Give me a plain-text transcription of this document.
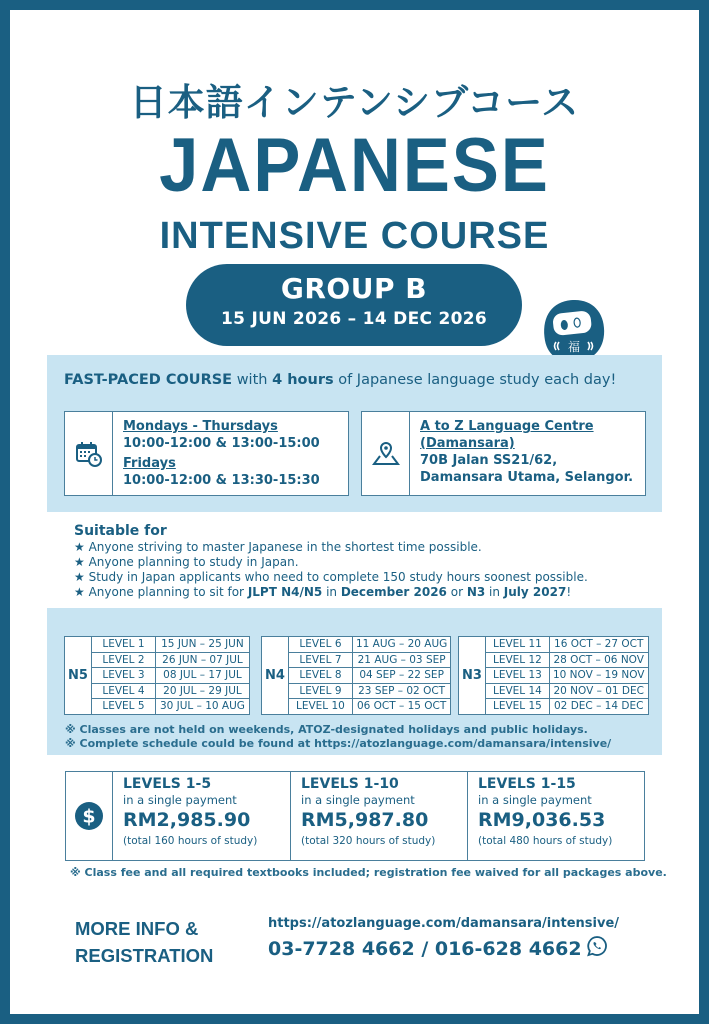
日本語インテンシブコース
JAPANESE
INTENSIVE COURSE
GROUP B
15 JUN 2026 – 14 DEC 2026
福
FAST-PACED COURSE with 4 hours of Japanese language study each day!
Mondays - Thursdays
10:00-12:00 & 13:00-15:00
Fridays
10:00-12:00 & 13:30-15:30
A to Z Language Centre
(Damansara)
70B Jalan SS21/62,
Damansara Utama, Selangor.
Suitable for
★ Anyone striving to master Japanese in the shortest time possible.
★ Anyone planning to study in Japan.
★ Study in Japan applicants who need to complete 150 study hours soonest possible.
★ Anyone planning to sit for JLPT N4/N5 in December 2026 or N3 in July 2027!
N5	LEVEL 1	15 JUN – 25 JUN
	LEVEL 2	26 JUN – 07 JUL
	LEVEL 3	08 JUL – 17 JUL
	LEVEL 4	20 JUL – 29 JUL
	LEVEL 5	30 JUL – 10 AUG
N4	LEVEL 6	11 AUG – 20 AUG
	LEVEL 7	21 AUG – 03 SEP
	LEVEL 8	04 SEP – 22 SEP
	LEVEL 9	23 SEP – 02 OCT
	LEVEL 10	06 OCT – 15 OCT
N3	LEVEL 11	16 OCT – 27 OCT
	LEVEL 12	28 OCT – 06 NOV
	LEVEL 13	10 NOV – 19 NOV
	LEVEL 14	20 NOV – 01 DEC
	LEVEL 15	02 DEC – 14 DEC
※ Classes are not held on weekends, ATOZ-designated holidays and public holidays.
※ Complete schedule could be found at https://atozlanguage.com/damansara/intensive/
$
LEVELS 1-5
in a single payment
RM2,985.90
(total 160 hours of study)
LEVELS 1-10
in a single payment
RM5,987.80
(total 320 hours of study)
LEVELS 1-15
in a single payment
RM9,036.53
(total 480 hours of study)
※ Class fee and all required textbooks included; registration fee waived for all packages above.
MORE INFO &
REGISTRATION
https://atozlanguage.com/damansara/intensive/
03-7728 4662 / 016-628 4662
